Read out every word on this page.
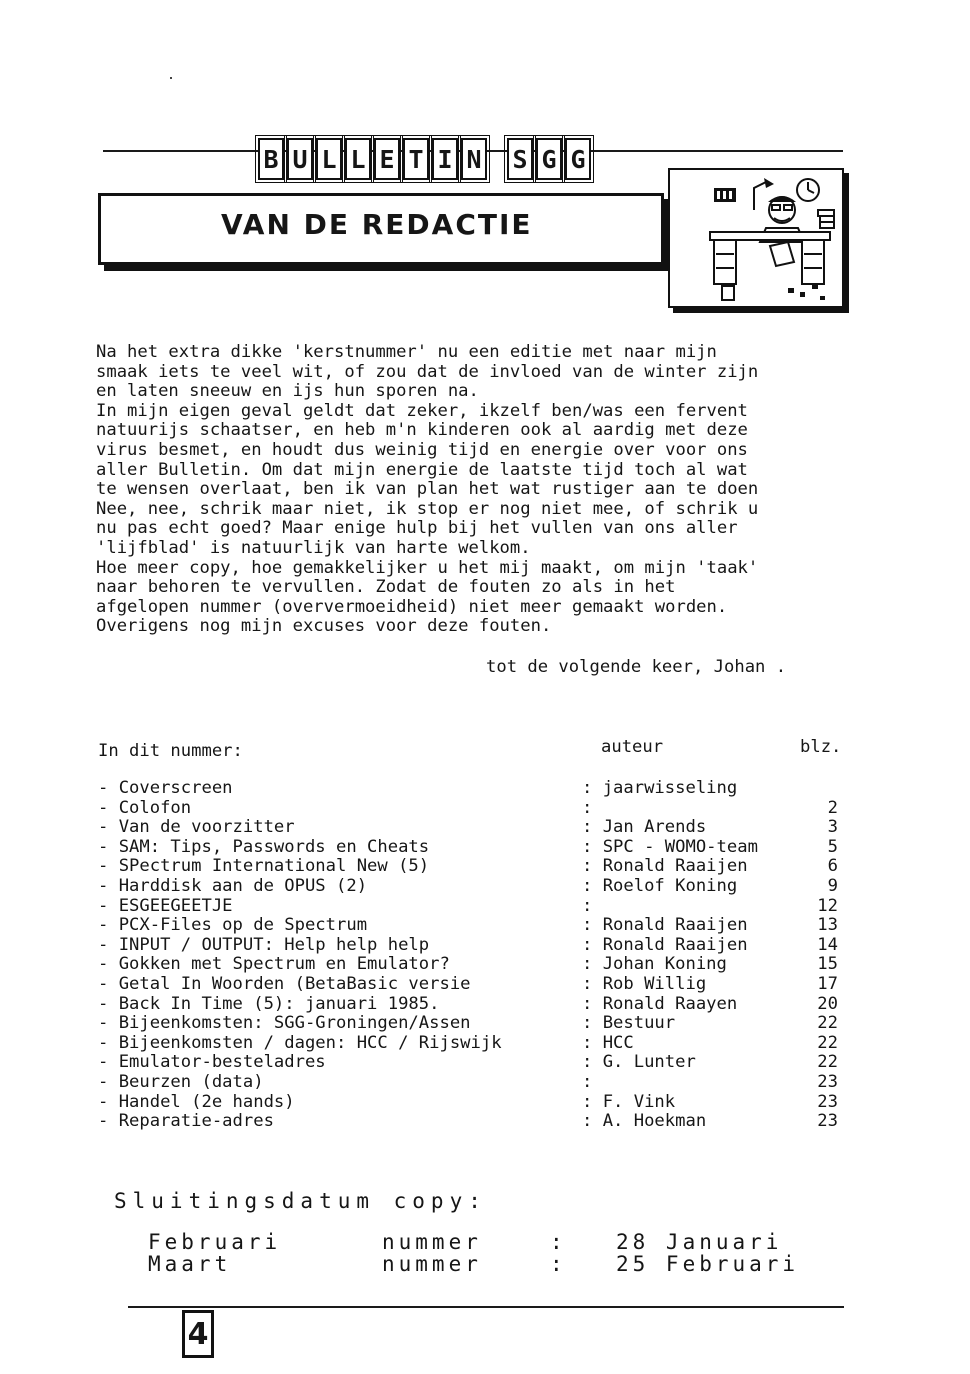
B U L L E T I N S G G
VAN DE REDACTIE
Na het extra dikke 'kerstnummer' nu een editie met naar mijn
smaak iets te veel wit, of zou dat de invloed van de winter zijn
en laten sneeuw en ijs hun sporen na.
In mijn eigen geval geldt dat zeker, ikzelf ben/was een fervent
natuurijs schaatser, en heb m'n kinderen ook al aardig met deze
virus besmet, en houdt dus weinig tijd en energie over voor ons
aller Bulletin. Om dat mijn energie de laatste tijd toch al wat
te wensen overlaat, ben ik van plan het wat rustiger aan te doen
Nee, nee, schrik maar niet, ik stop er nog niet mee, of schrik u
nu pas echt goed? Maar enige hulp bij het vullen van ons aller
'lijfblad' is natuurlijk van harte welkom.
Hoe meer copy, hoe gemakkelijker u het mij maakt, om mijn 'taak'
naar behoren te vervullen. Zodat de fouten zo als in het
afgelopen nummer (oververmoeidheid) niet meer gemaakt worden.
Overigens nog mijn excuses voor deze fouten.
tot de volgende keer, Johan .
In dit nummer:	auteur	blz.
- Coverscreen	: jaarwisseling
- Colofon	:	2
- Van de voorzitter	: Jan Arends	3
- SAM: Tips, Passwords en Cheats	: SPC - WOMO-team	5
- SPectrum International New (5)	: Ronald Raaijen	6
- Harddisk aan de OPUS (2)	: Roelof Koning	9
- ESGEEGEETJE	:	12
- PCX-Files op de Spectrum	: Ronald Raaijen	13
- INPUT / OUTPUT: Help help help	: Ronald Raaijen	14
- Gokken met Spectrum en Emulator?	: Johan Koning	15
- Getal In Woorden (BetaBasic versie	: Rob Willig	17
- Back In Time (5): januari 1985.	: Ronald Raayen	20
- Bijeenkomsten: SGG-Groningen/Assen	: Bestuur	22
- Bijeenkomsten / dagen: HCC / Rijswijk	: HCC	22
- Emulator-besteladres	: G. Lunter	22
- Beurzen (data)	:	23
- Handel (2e hands)	: F. Vink	23
- Reparatie-adres	: A. Hoekman	23
Sluitingsdatum copy:
Februari	nummer	: 28 Januari
Maart	nummer	: 25 Februari
4
